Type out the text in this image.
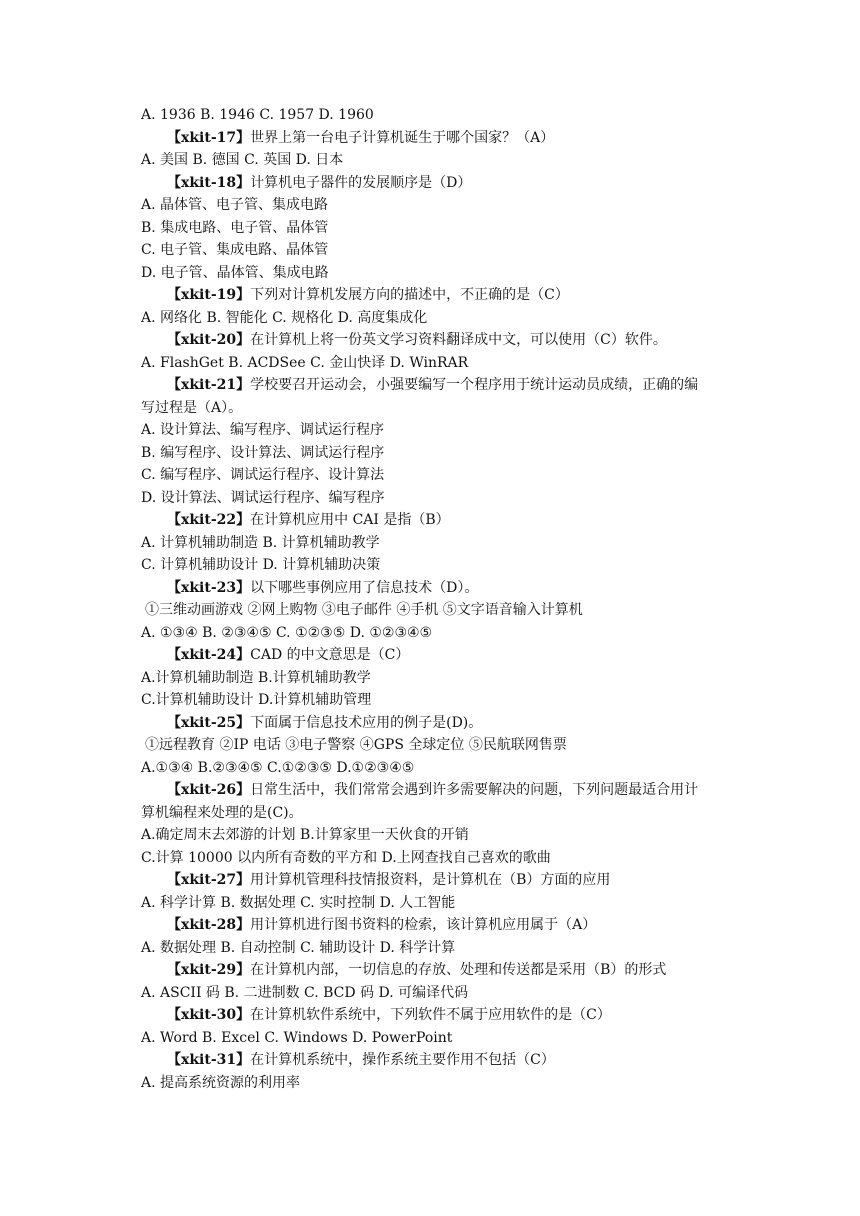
A. 1936 B. 1946 C. 1957 D. 1960
【xkit-17】世界上第一台电子计算机诞生于哪个国家？（A）
A. 美国 B. 德国 C. 英国 D. 日本
【xkit-18】计算机电子器件的发展顺序是（D）
A. 晶体管、电子管、集成电路
B. 集成电路、电子管、晶体管
C. 电子管、集成电路、晶体管
D. 电子管、晶体管、集成电路
【xkit-19】下列对计算机发展方向的描述中，不正确的是（C）
A. 网络化 B. 智能化 C. 规格化 D. 高度集成化
【xkit-20】在计算机上将一份英文学习资料翻译成中文，可以使用（C）软件。
A. FlashGet B. ACDSee C. 金山快译 D. WinRAR
【xkit-21】学校要召开运动会，小强要编写一个程序用于统计运动员成绩，正确的编
写过程是（A）。
A. 设计算法、编写程序、调试运行程序
B. 编写程序、设计算法、调试运行程序
C. 编写程序、调试运行程序、设计算法
D. 设计算法、调试运行程序、编写程序
【xkit-22】在计算机应用中 CAI 是指（B）
A. 计算机辅助制造 B. 计算机辅助教学
C. 计算机辅助设计 D. 计算机辅助决策
【xkit-23】以下哪些事例应用了信息技术（D）。
①三维动画游戏 ②网上购物 ③电子邮件 ④手机 ⑤文字语音输入计算机
A. ①③④ B. ②③④⑤ C. ①②③⑤ D. ①②③④⑤
【xkit-24】CAD 的中文意思是（C）
A.计算机辅助制造 B.计算机辅助教学
C.计算机辅助设计 D.计算机辅助管理
【xkit-25】下面属于信息技术应用的例子是(D)。
①远程教育 ②IP 电话 ③电子警察 ④GPS 全球定位 ⑤民航联网售票
A.①③④ B.②③④⑤ C.①②③⑤ D.①②③④⑤
【xkit-26】日常生活中，我们常常会遇到许多需要解决的问题，下列问题最适合用计
算机编程来处理的是(C)。
A.确定周末去郊游的计划 B.计算家里一天伙食的开销
C.计算 10000 以内所有奇数的平方和 D.上网查找自己喜欢的歌曲
【xkit-27】用计算机管理科技情报资料，是计算机在（B）方面的应用
A. 科学计算 B. 数据处理 C. 实时控制 D. 人工智能
【xkit-28】用计算机进行图书资料的检索，该计算机应用属于（A）
A. 数据处理 B. 自动控制 C. 辅助设计 D. 科学计算
【xkit-29】在计算机内部，一切信息的存放、处理和传送都是采用（B）的形式
A. ASCII 码 B. 二进制数 C. BCD 码 D. 可编译代码
【xkit-30】在计算机软件系统中，下列软件不属于应用软件的是（C）
A. Word B. Excel C. Windows D. PowerPoint
【xkit-31】在计算机系统中，操作系统主要作用不包括（C）
A. 提高系统资源的利用率
